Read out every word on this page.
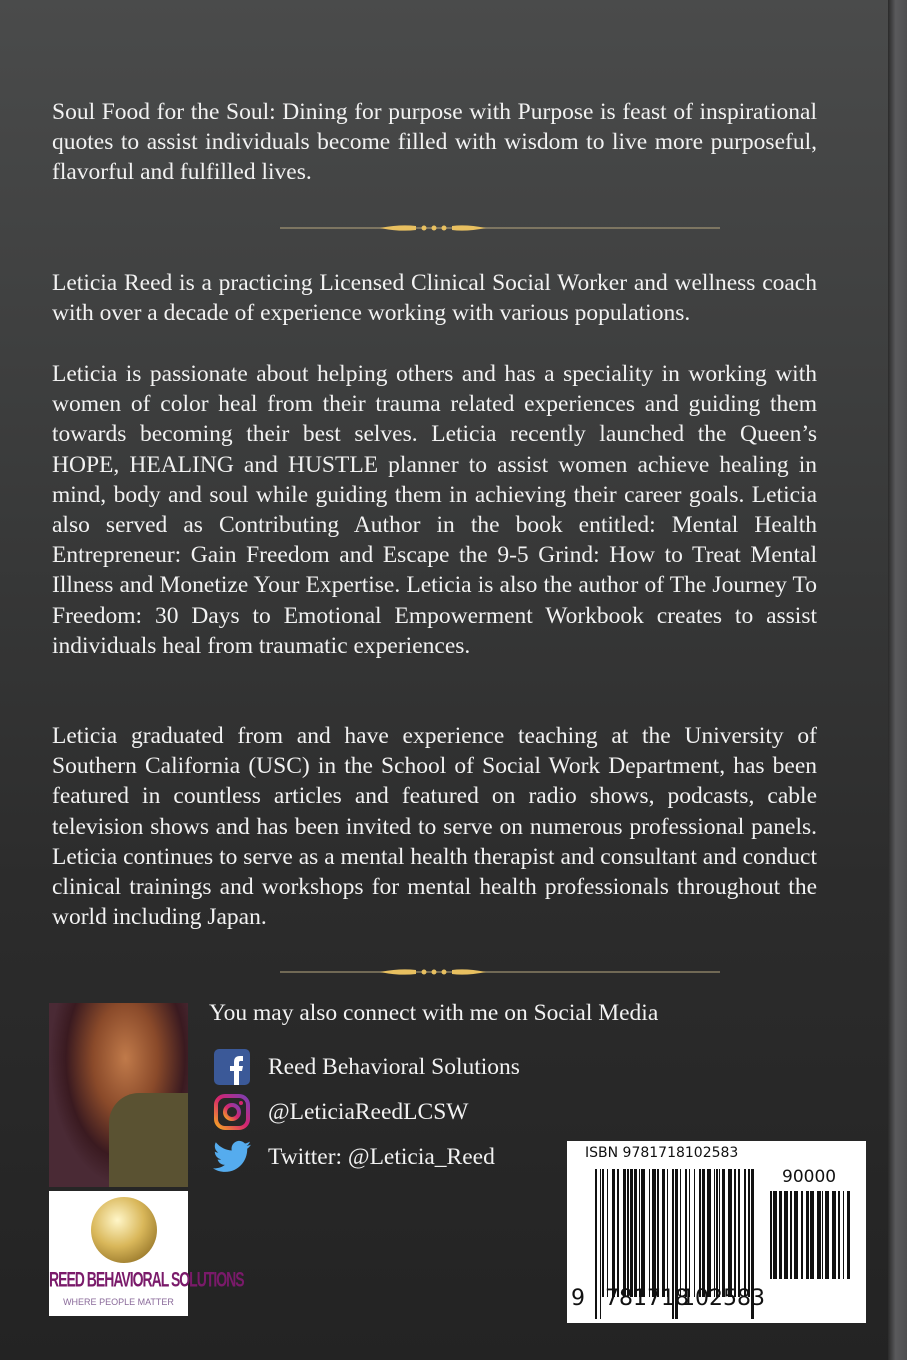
Soul Food for the Soul: Dining for purpose with Purpose is feast of inspirational quotes to assist individuals become filled with wisdom to live more purposeful, flavorful and fulfilled lives.

Leticia Reed is a practicing Licensed Clinical Social Worker and wellness coach with over a decade of experience working with various populations.

Leticia is passionate about helping others and has a speciality in working with women of color heal from their trauma related experiences and guiding them towards becoming their best selves. Leticia recently launched the Queen’s HOPE, HEALING and HUSTLE planner to assist women achieve healing in mind, body and soul while guiding them in achieving their career goals. Leticia also served as Contributing Author in the book entitled: Mental Health Entrepreneur: Gain Freedom and Escape the 9-5 Grind: How to Treat Mental Illness and Monetize Your Expertise. Leticia is also the author of The Journey To Freedom: 30 Days to Emotional Empowerment Workbook creates to assist individuals heal from traumatic experiences.

Leticia graduated from and have experience teaching at the University of Southern California (USC) in the School of Social Work Department, has been featured in countless articles and featured on radio shows, podcasts, cable television shows and has been invited to serve on numerous professional panels. Leticia continues to serve as a mental health therapist and consultant and conduct clinical trainings and workshops for mental health professionals throughout the world including Japan.

REED BEHAVIORAL SOLUTIONS
WHERE PEOPLE MATTER
You may also connect with me on Social Media
Reed Behavioral Solutions
@LeticiaReedLCSW
Twitter: @Leticia_Reed	ISBN 9781718102583
90000
9 781718
102583
